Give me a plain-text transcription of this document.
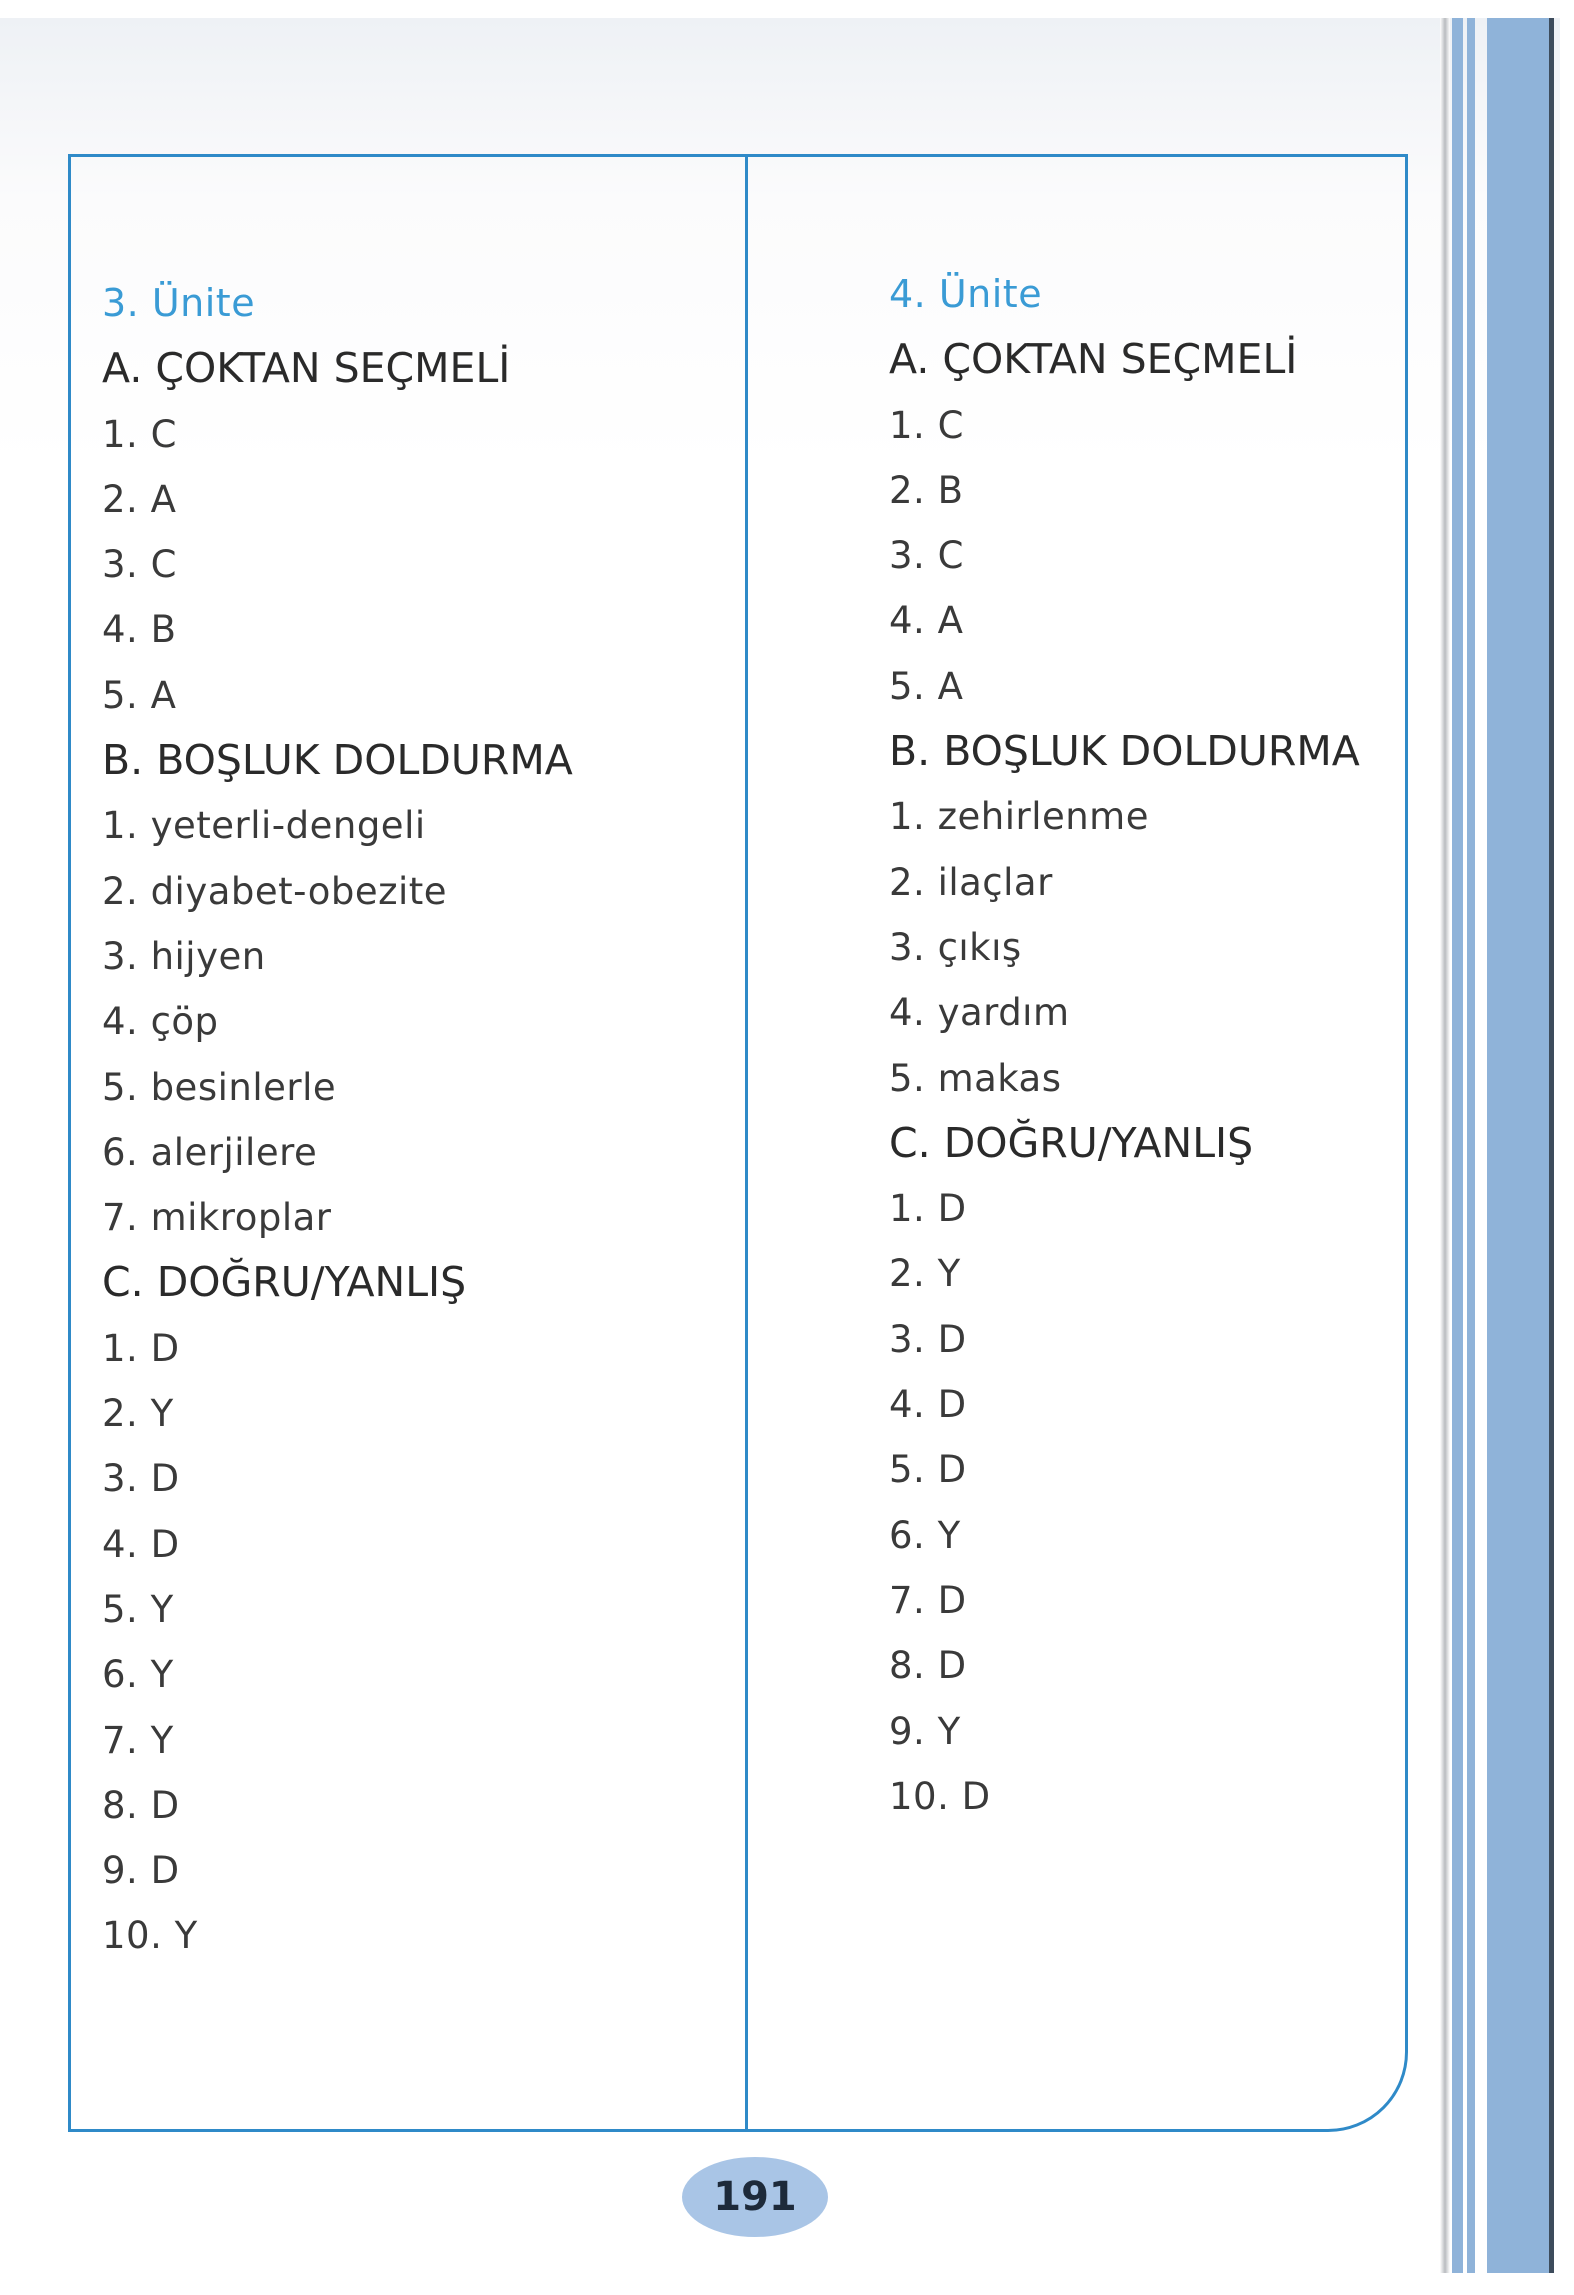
3. Ünite
A. ÇOKTAN SEÇMELİ
1. C
2. A
3. C
4. B
5. A
B. BOŞLUK DOLDURMA
1. yeterli-dengeli
2. diyabet-obezite
3. hijyen
4. çöp
5. besinlerle
6. alerjilere
7. mikroplar
C. DOĞRU/YANLIŞ
1. D
2. Y
3. D
4. D
5. Y
6. Y
7. Y
8. D
9. D
10. Y
4. Ünite
A. ÇOKTAN SEÇMELİ
1. C
2. B
3. C
4. A
5. A
B. BOŞLUK DOLDURMA
1. zehirlenme
2. ilaçlar
3. çıkış
4. yardım
5. makas
C. DOĞRU/YANLIŞ
1. D
2. Y
3. D
4. D
5. D
6. Y
7. D
8. D
9. Y
10. D
191
